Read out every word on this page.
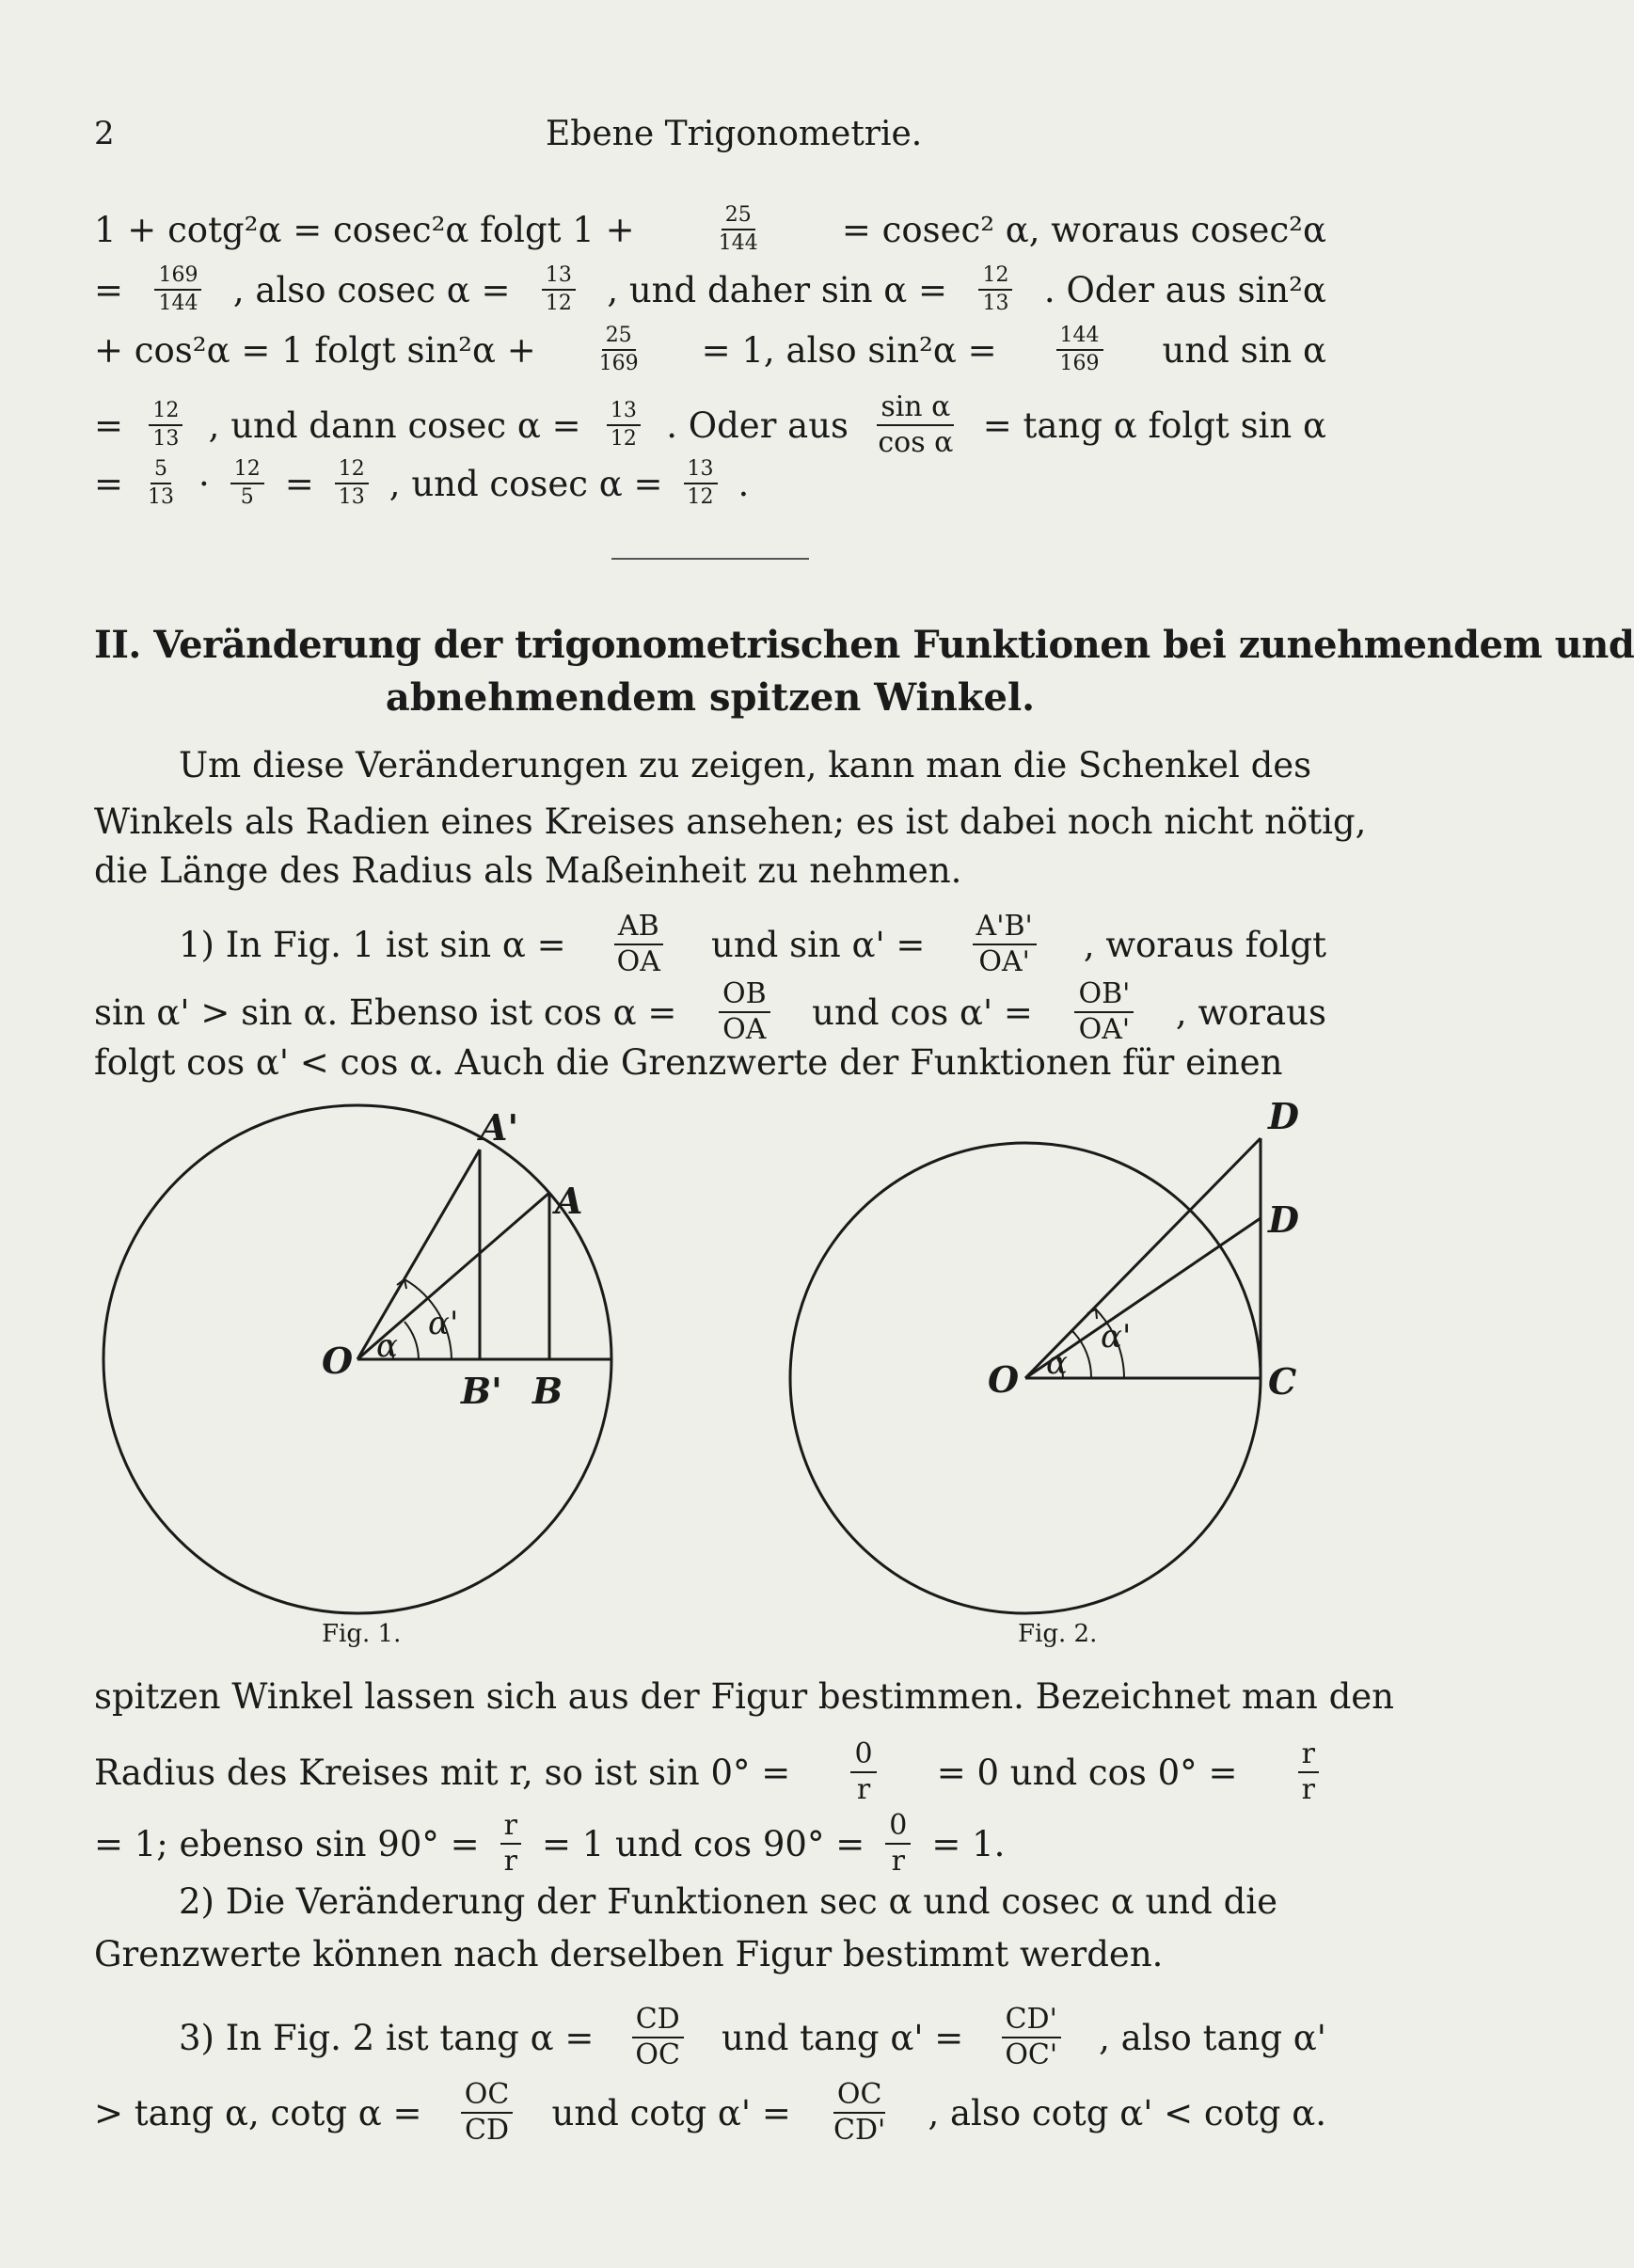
2	Ebene Trigonometrie.
1 + cotg²α = cosec²α folgt 1 +	$\frac{25}{144} = cosec^2$ α, woraus cosec²α
= $\frac{169}{144}$ , also cosec $\alpha = \frac{13}{12}$ , und daher $\sin \alpha = \frac{12}{13}$ . Oder aus sin²α
+ cos²α = 1 folgt sin²α +	$\frac{25}{169} = 1$, also sin²α =	$\frac{144}{169}$ und sin α
= $\frac{12}{13}$ , und dann cosec $\alpha = \frac{13}{12}$ . Oder aus $\frac{\text{sin α}}{\text{cos α}} = \tan g$ α folgt sin α
= $\frac{5}{13} \cdot \frac{12}{5} = \frac{12}{13}$ , und cosec $\alpha = \frac{13}{12}$ .
II. Veränderung der trigonometrischen Funktionen bei zunehmendem und
abnehmendem spitzen Winkel.
Um diese Veränderungen zu zeigen, kann man die Schenkel des
Winkels als Radien eines Kreises ansehen; es ist dabei noch nicht nötig,
die Länge des Radius als Maßeinheit zu nehmen.
1) In Fig. 1 ist $\sin \alpha = \frac{AB}{OA}$ und $\sin \alpha' = \frac{A'B'}{OA'}$ , woraus folgt
sin α' > sin α. Ebenso ist $\cos \alpha = \frac{OB}{OA}$ und $\cos \alpha' = \frac{OB'}{OA'}$ , woraus
folgt cos α' < cos α. Auch die Grenzwerte der Funktionen für einen
O
A'
A
B' B
α
α'
Fig. 1.
O
D
D
C
α
α'
Fig. 2.
spitzen Winkel lassen sich aus der Figur bestimmen. Bezeichnet man den
Radius des Kreises mit r, so ist $\sin 0^\circ = \frac{0}{r} = 0$ und $\cos 0^\circ = \frac{r}{r}$
= 1; ebenso $\sin 90^\circ = \frac{r}{r} = 1$ und $\cos 90^\circ = \frac{0}{r} = 1$.
2) Die Veränderung der Funktionen sec α und cosec α und die
Grenzwerte können nach derselben Figur bestimmt werden.
3) In Fig. 2 ist tang $\alpha = \frac{CD}{OC}$ und tang $\alpha' = \frac{CD'}{OC'}$ , also tang α'
> tang α, cotg $\alpha = \frac{OC}{CD}$ und cotg $\alpha' = \frac{OC}{CD'}$ , also cotg α' < cotg α.
